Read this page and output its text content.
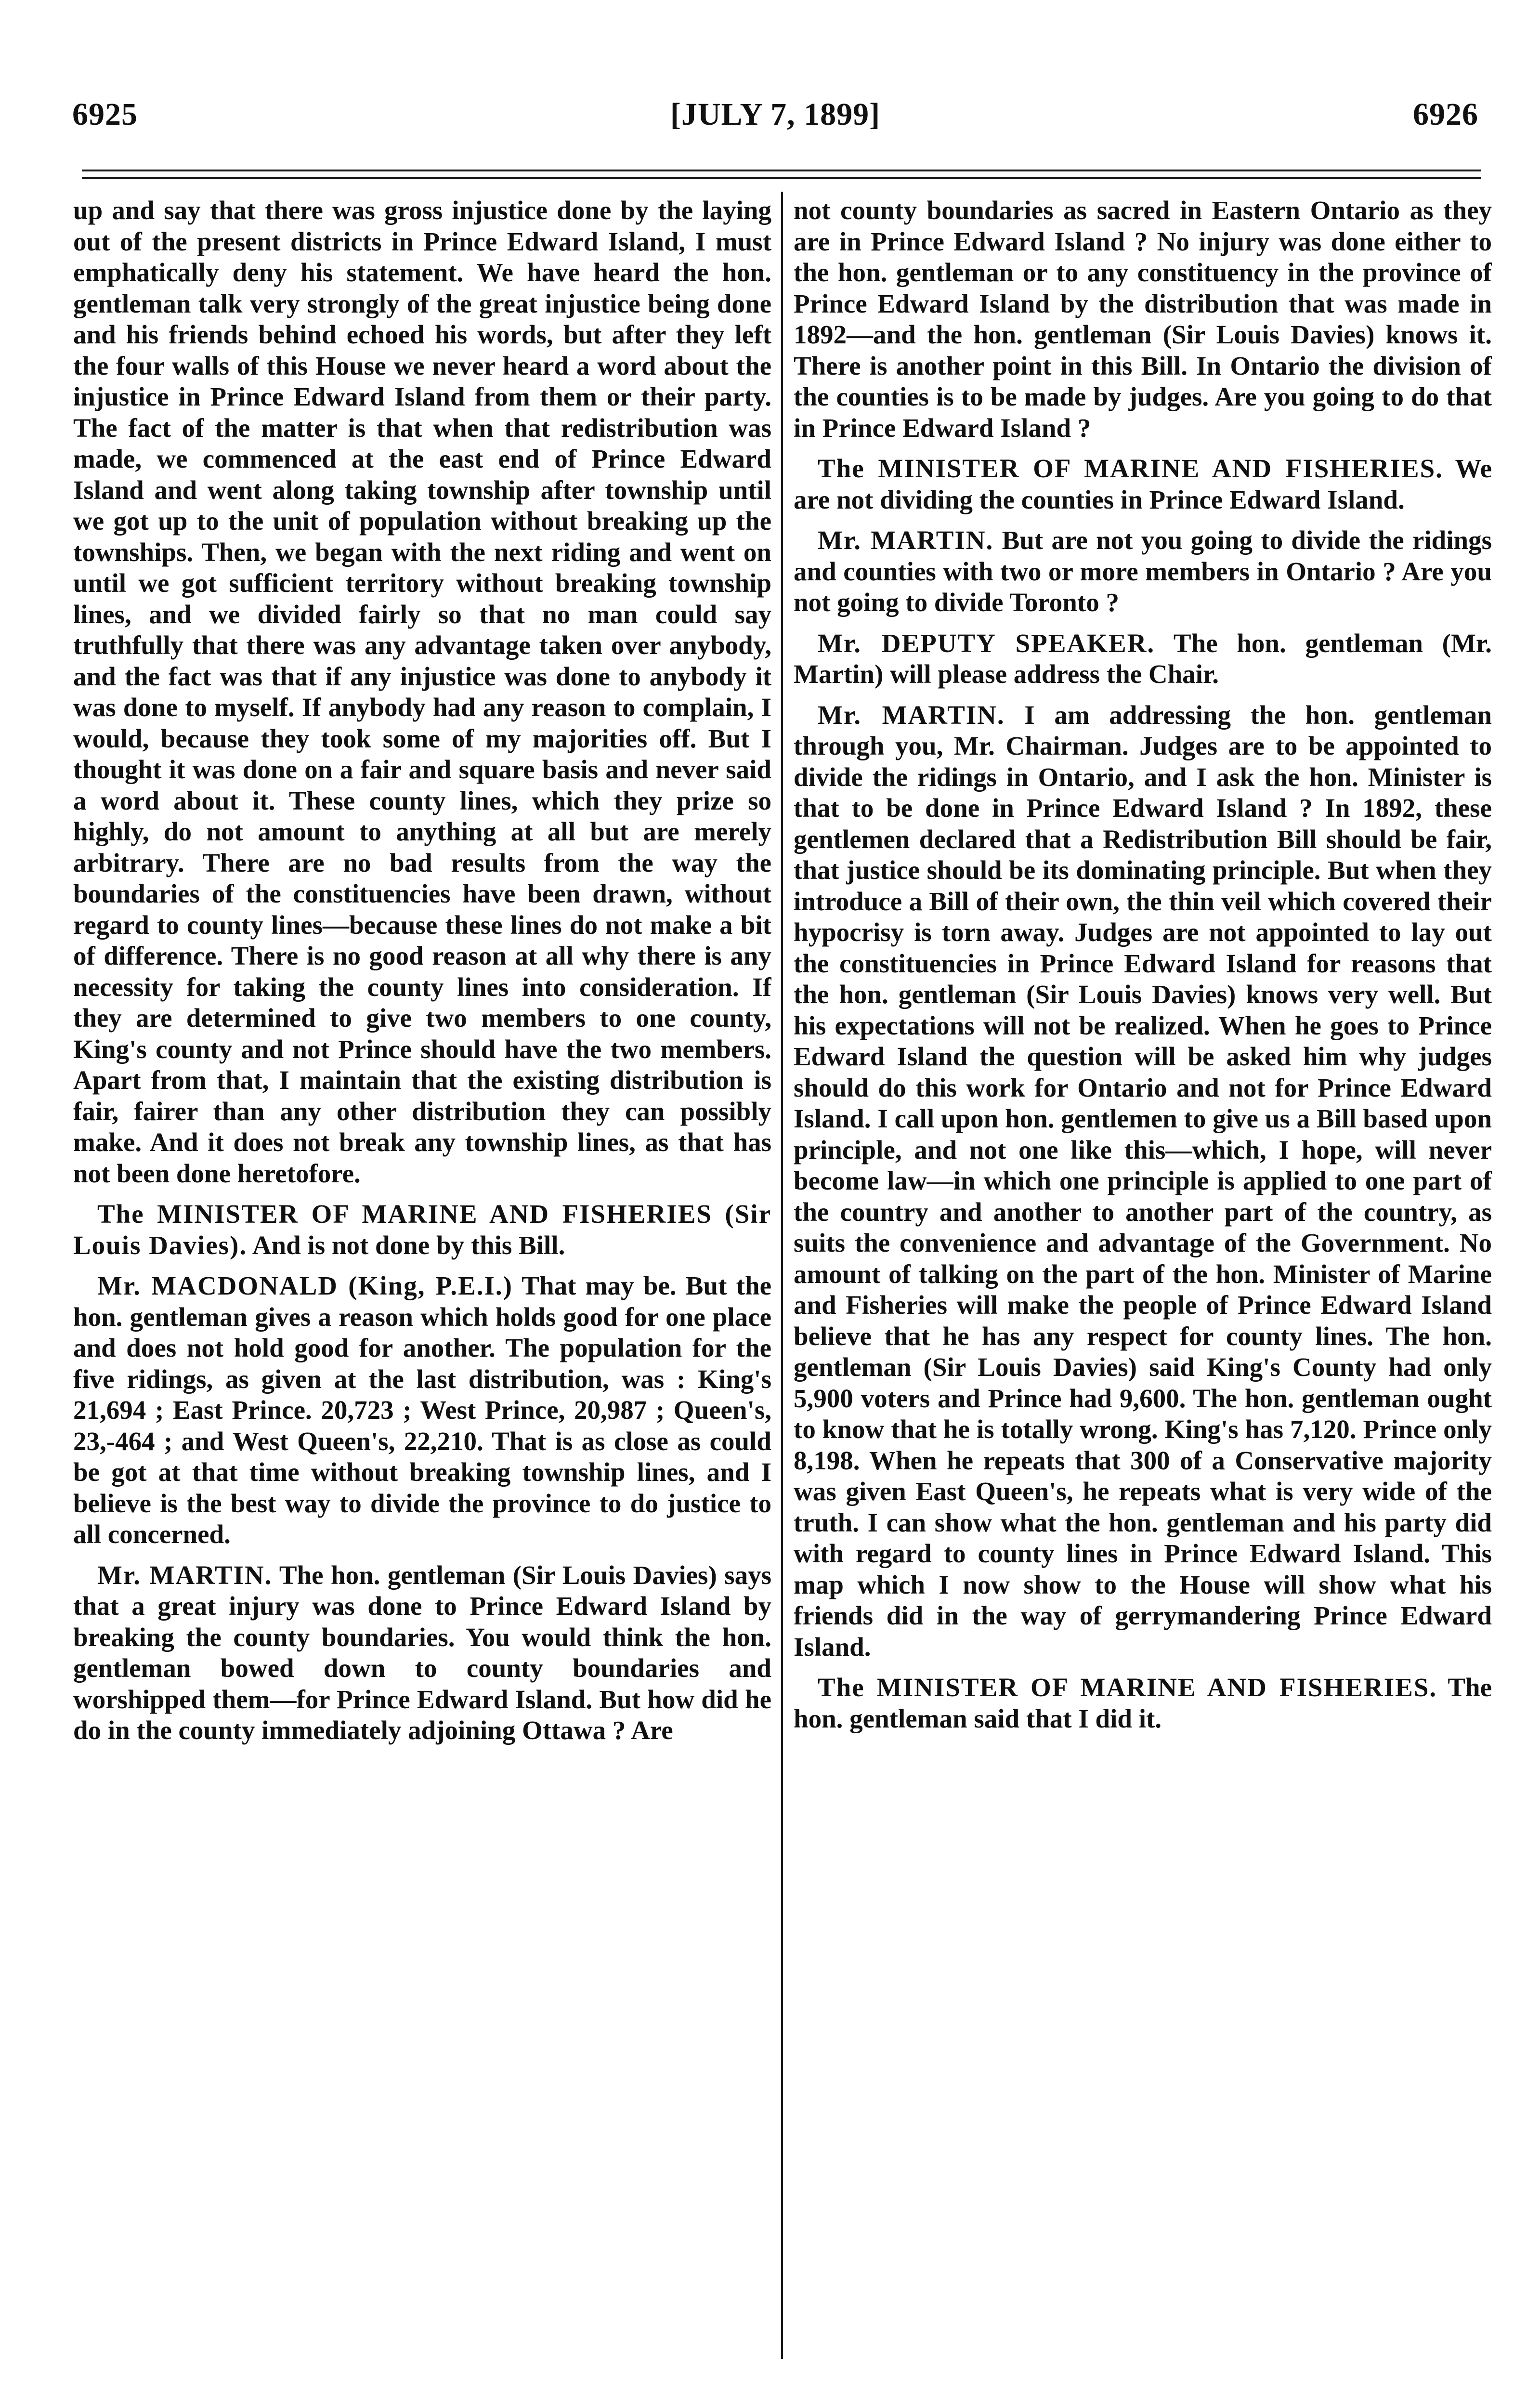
6925	[JULY 7, 1899]	6926

up and say that there was gross injustice done by the laying out of the present districts in Prince Edward Island, I must emphatically deny his statement. We have heard the hon. gentleman talk very strongly of the great injustice being done and his friends behind echoed his words, but after they left the four walls of this House we never heard a word about the injustice in Prince Edward Island from them or their party. The fact of the matter is that when that redistribution was made, we commenced at the east end of Prince Edward Island and went along taking township after township until we got up to the unit of population without breaking up the townships. Then, we began with the next riding and went on until we got sufficient territory without breaking township lines, and we divided fairly so that no man could say truthfully that there was any advantage taken over anybody, and the fact was that if any injustice was done to anybody it was done to myself. If anybody had any reason to complain, I would, because they took some of my majorities off. But I thought it was done on a fair and square basis and never said a word about it. These county lines, which they prize so highly, do not amount to anything at all but are merely arbitrary. There are no bad results from the way the boundaries of the constituencies have been drawn, without regard to county lines—because these lines do not make a bit of difference. There is no good reason at all why there is any necessity for taking the county lines into consideration. If they are determined to give two members to one county, King's county and not Prince should have the two members. Apart from that, I maintain that the existing distribution is fair, fairer than any other distribution they can possibly make. And it does not break any township lines, as that has not been done heretofore.

The MINISTER OF MARINE AND FISHERIES (Sir Louis Davies). And is not done by this Bill.

Mr. MACDONALD (King, P.E.I.) That may be. But the hon. gentleman gives a reason which holds good for one place and does not hold good for another. The population for the five ridings, as given at the last distribution, was : King's 21,694 ; East Prince. 20,723 ; West Prince, 20,987 ; Queen's, 23,-464 ; and West Queen's, 22,210. That is as close as could be got at that time without breaking township lines, and I believe is the best way to divide the province to do justice to all concerned.

Mr. MARTIN. The hon. gentleman (Sir Louis Davies) says that a great injury was done to Prince Edward Island by breaking the county boundaries. You would think the hon. gentleman bowed down to county boundaries and worshipped them—for Prince Edward Island. But how did he do in the county immediately adjoining Ottawa ? Are

not county boundaries as sacred in Eastern Ontario as they are in Prince Edward Island ? No injury was done either to the hon. gentleman or to any constituency in the province of Prince Edward Island by the distribution that was made in 1892—and the hon. gentleman (Sir Louis Davies) knows it. There is another point in this Bill. In Ontario the division of the counties is to be made by judges. Are you going to do that in Prince Edward Island ?

The MINISTER OF MARINE AND FISHERIES. We are not dividing the counties in Prince Edward Island.

Mr. MARTIN. But are not you going to divide the ridings and counties with two or more members in Ontario ? Are you not going to divide Toronto ?

Mr. DEPUTY SPEAKER. The hon. gentleman (Mr. Martin) will please address the Chair.

Mr. MARTIN. I am addressing the hon. gentleman through you, Mr. Chairman. Judges are to be appointed to divide the ridings in Ontario, and I ask the hon. Minister is that to be done in Prince Edward Island ? In 1892, these gentlemen declared that a Redistribution Bill should be fair, that justice should be its dominating principle. But when they introduce a Bill of their own, the thin veil which covered their hypocrisy is torn away. Judges are not appointed to lay out the constituencies in Prince Edward Island for reasons that the hon. gentleman (Sir Louis Davies) knows very well. But his expectations will not be realized. When he goes to Prince Edward Island the question will be asked him why judges should do this work for Ontario and not for Prince Edward Island. I call upon hon. gentlemen to give us a Bill based upon principle, and not one like this—which, I hope, will never become law—in which one principle is applied to one part of the country and another to another part of the country, as suits the convenience and advantage of the Government. No amount of talking on the part of the hon. Minister of Marine and Fisheries will make the people of Prince Edward Island believe that he has any respect for county lines. The hon. gentleman (Sir Louis Davies) said King's County had only 5,900 voters and Prince had 9,600. The hon. gentleman ought to know that he is totally wrong. King's has 7,120. Prince only 8,198. When he repeats that 300 of a Conservative majority was given East Queen's, he repeats what is very wide of the truth. I can show what the hon. gentleman and his party did with regard to county lines in Prince Edward Island. This map which I now show to the House will show what his friends did in the way of gerrymandering Prince Edward Island.

The MINISTER OF MARINE AND FISHERIES. The hon. gentleman said that I did it.
